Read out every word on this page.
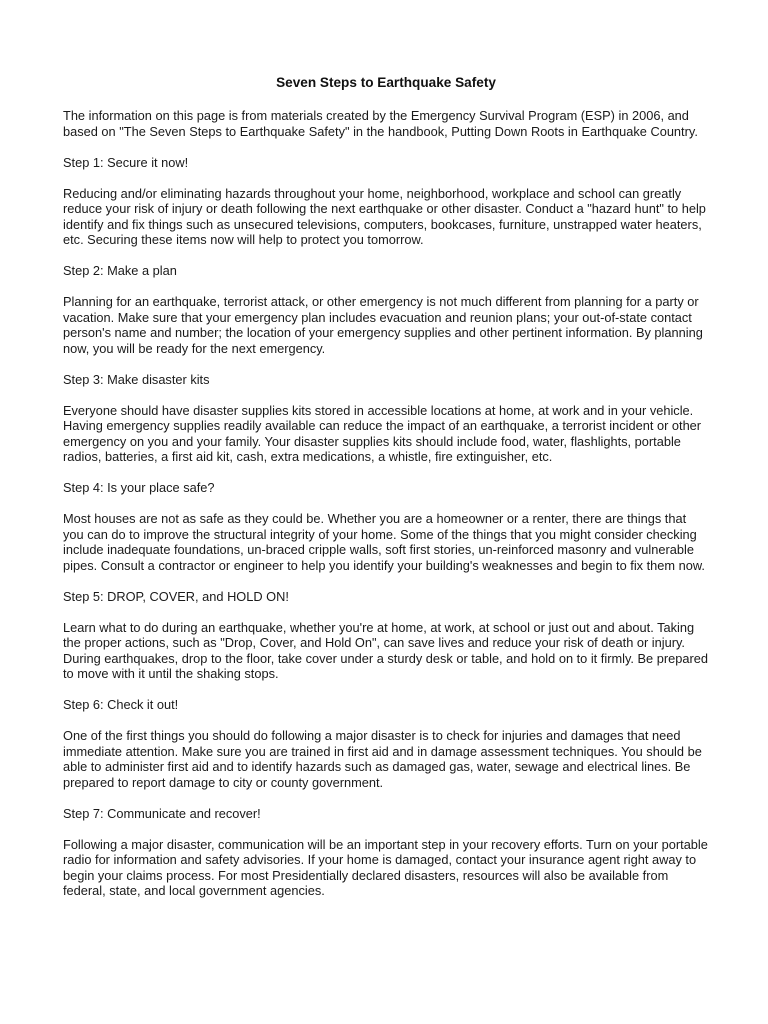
Seven Steps to Earthquake Safety

The information on this page is from materials created by the Emergency Survival Program (ESP) in 2006, and based on "The Seven Steps to Earthquake Safety" in the handbook, Putting Down Roots in Earthquake Country.

Step 1: Secure it now!

Reducing and/or eliminating hazards throughout your home, neighborhood, workplace and school can greatly reduce your risk of injury or death following the next earthquake or other disaster. Conduct a "hazard hunt" to help identify and fix things such as unsecured televisions, computers, bookcases, furniture, unstrapped water heaters, etc. Securing these items now will help to protect you tomorrow.

Step 2: Make a plan

Planning for an earthquake, terrorist attack, or other emergency is not much different from planning for a party or vacation. Make sure that your emergency plan includes evacuation and reunion plans; your out-of-state contact person's name and number; the location of your emergency supplies and other pertinent information. By planning now, you will be ready for the next emergency.

Step 3: Make disaster kits

Everyone should have disaster supplies kits stored in accessible locations at home, at work and in your vehicle. Having emergency supplies readily available can reduce the impact of an earthquake, a terrorist incident or other emergency on you and your family. Your disaster supplies kits should include food, water, flashlights, portable radios, batteries, a first aid kit, cash, extra medications, a whistle, fire extinguisher, etc.

Step 4: Is your place safe?

Most houses are not as safe as they could be. Whether you are a homeowner or a renter, there are things that you can do to improve the structural integrity of your home. Some of the things that you might consider checking include inadequate foundations, un-braced cripple walls, soft first stories, un-reinforced masonry and vulnerable pipes. Consult a contractor or engineer to help you identify your building's weaknesses and begin to fix them now.

Step 5: DROP, COVER, and HOLD ON!

Learn what to do during an earthquake, whether you're at home, at work, at school or just out and about. Taking the proper actions, such as "Drop, Cover, and Hold On", can save lives and reduce your risk of death or injury. During earthquakes, drop to the floor, take cover under a sturdy desk or table, and hold on to it firmly. Be prepared to move with it until the shaking stops.

Step 6: Check it out!

One of the first things you should do following a major disaster is to check for injuries and damages that need immediate attention. Make sure you are trained in first aid and in damage assessment techniques. You should be able to administer first aid and to identify hazards such as damaged gas, water, sewage and electrical lines. Be prepared to report damage to city or county government.

Step 7: Communicate and recover!

Following a major disaster, communication will be an important step in your recovery efforts. Turn on your portable radio for information and safety advisories. If your home is damaged, contact your insurance agent right away to begin your claims process. For most Presidentially declared disasters, resources will also be available from federal, state, and local government agencies.
